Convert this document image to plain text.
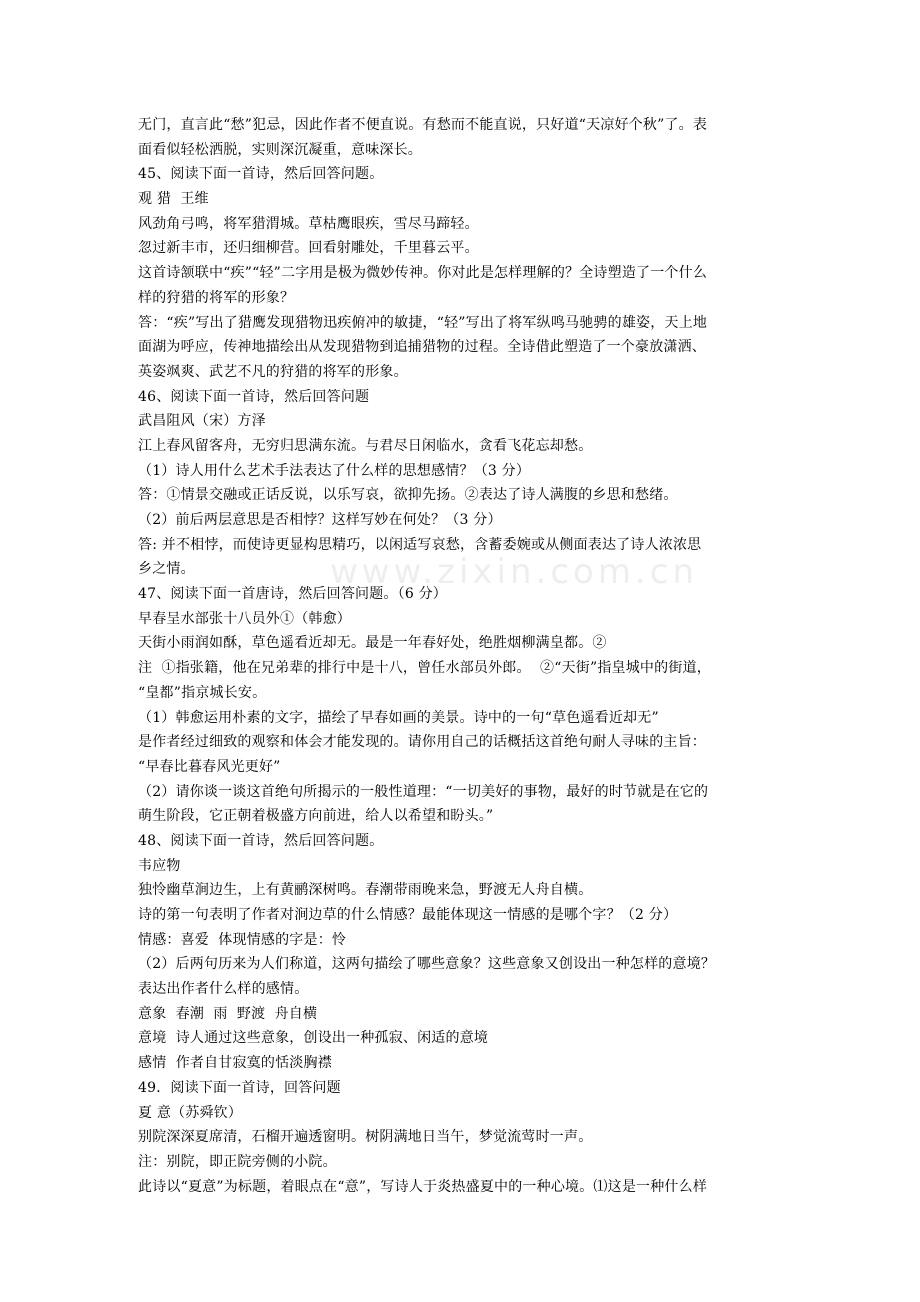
www.zixin.com.cn
无门，直言此“愁”犯忌，因此作者不便直说。有愁而不能直说，只好道“天凉好个秋”了。表
面看似轻松洒脱，实则深沉凝重，意味深长。
45、阅读下面一首诗，然后回答问题。
观 猎  王维
风劲角弓鸣，将军猎渭城。草枯鹰眼疾，雪尽马蹄轻。
忽过新丰市，还归细柳营。回看射雕处，千里暮云平。
这首诗颔联中“疾”“轻”二字用是极为微妙传神。你对此是怎样理解的？全诗塑造了一个什么
样的狩猎的将军的形象？
答：“疾”写出了猎鹰发现猎物迅疾俯冲的敏捷，“轻”写出了将军纵鸣马驰骋的雄姿，天上地
面湖为呼应，传神地描绘出从发现猎物到追捕猎物的过程。全诗借此塑造了一个豪放潇洒、
英姿飒爽、武艺不凡的狩猎的将军的形象。
46、阅读下面一首诗，然后回答问题
武昌阻风（宋）方泽
江上春风留客舟，无穷归思满东流。与君尽日闲临水，贪看飞花忘却愁。
（1）诗人用什么艺术手法表达了什么样的思想感情？（3 分）
答：①情景交融或正话反说，以乐写哀，欲抑先扬。②表达了诗人满腹的乡思和愁绪。
（2）前后两层意思是否相悖？这样写妙在何处？（3 分）
答: 并不相悖，而使诗更显构思精巧，以闲适写哀愁，含蓄委婉或从侧面表达了诗人浓浓思
乡之情。
47、阅读下面一首唐诗，然后回答问题。（6 分）
早春呈水部张十八员外①（韩愈）
天街小雨润如酥，草色遥看近却无。最是一年春好处，绝胜烟柳满皇都。②
注  ①指张籍，他在兄弟辈的排行中是十八，曾任水部员外郎。  ②“天街”指皇城中的街道，
“皇都”指京城长安。
（1）韩愈运用朴素的文字，描绘了早春如画的美景。诗中的一句“草色遥看近却无”
是作者经过细致的观察和体会才能发现的。请你用自己的话概括这首绝句耐人寻味的主旨：
“早春比暮春风光更好”
（2）请你谈一谈这首绝句所揭示的一般性道理：“一切美好的事物，最好的时节就是在它的
萌生阶段，它正朝着极盛方向前进，给人以希望和盼头。”
48、阅读下面一首诗，然后回答问题。
韦应物
独怜幽草涧边生，上有黄鹂深树鸣。春潮带雨晚来急，野渡无人舟自横。
诗的第一句表明了作者对涧边草的什么情感？最能体现这一情感的是哪个字？（2 分）
情感：喜爱  体现情感的字是：怜
（2）后两句历来为人们称道，这两句描绘了哪些意象？这些意象又创设出一种怎样的意境？
表达出作者什么样的感情。
意象  春潮  雨  野渡  舟自横
意境  诗人通过这些意象，创设出一种孤寂、闲适的意境
感情  作者自甘寂寞的恬淡胸襟
49．阅读下面一首诗，回答问题
夏 意（苏舜钦）
别院深深夏席清，石榴开遍透窗明。树阴满地日当午，梦觉流莺时一声。
注：别院，即正院旁侧的小院。
此诗以“夏意”为标题，着眼点在“意”，写诗人于炎热盛夏中的一种心境。⑴这是一种什么样
